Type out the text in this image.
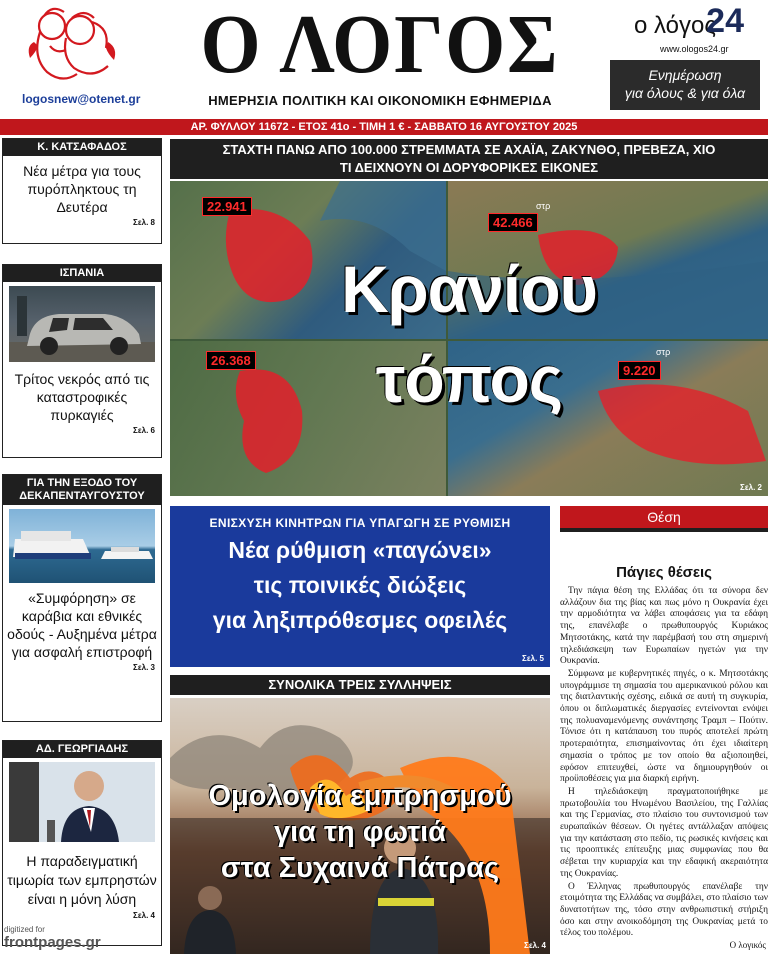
logosnew@otenet.gr
Ο ΛΟΓΟΣ
ΗΜΕΡΗΣΙΑ ΠΟΛΙΤΙΚΗ ΚΑΙ ΟΙΚΟΝΟΜΙΚΗ ΕΦΗΜΕΡΙΔΑ
ο λόγος
24
www.ologos24.gr
Ενημέρωση
για όλους & για όλα
ΑΡ. ΦΥΛΛΟΥ 11672 - ΕΤΟΣ 41ο - ΤΙΜΗ 1 € - ΣΑΒΒΑΤΟ 16 ΑΥΓΟΥΣΤΟΥ 2025
Κ. ΚΑΤΣΑΦΑΔΟΣ
Νέα μέτρα για τους πυρόπληκτους τη Δευτέρα
Σελ. 8
ΙΣΠΑΝΙΑ
Τρίτος νεκρός από τις καταστροφικές πυρκαγιές
Σελ. 6
ΓΙΑ ΤΗΝ ΕΞΟΔΟ ΤΟΥ ΔΕΚΑΠΕΝΤΑΥΓΟΥΣΤΟΥ
«Συμφόρηση» σε καράβια και εθνικές οδούς - Αυξημένα μέτρα για ασφαλή επιστροφή
Σελ. 3
ΑΔ. ΓΕΩΡΓΙΑΔΗΣ
Η παραδειγματική τιμωρία των εμπρηστών είναι η μόνη λύση
Σελ. 4
ΣΤΑΧΤΗ ΠΑΝΩ ΑΠΟ 100.000 ΣΤΡΕΜΜΑΤΑ ΣΕ ΑΧΑΪΑ, ΖΑΚΥΝΘΟ, ΠΡΕΒΕΖΑ, ΧΙΟ
ΤΙ ΔΕΙΧΝΟΥΝ ΟΙ ΔΟΡΥΦΟΡΙΚΕΣ ΕΙΚΟΝΕΣ
22.941	στρ
42.466
26.368
στρ
9.220
Κρανίου
τόπος
Σελ. 2
ΕΝΙΣΧΥΣΗ ΚΙΝΗΤΡΩΝ ΓΙΑ ΥΠΑΓΩΓΗ ΣΕ ΡΥΘΜΙΣΗ
Νέα ρύθμιση «παγώνει»
τις ποινικές διώξεις
για ληξιπρόθεσμες οφειλές
Σελ. 5
ΣΥΝΟΛΙΚΑ ΤΡΕΙΣ ΣΥΛΛΗΨΕΙΣ
Ομολογία εμπρησμού
για τη φωτιά
στα Συχαινά Πάτρας
Σελ. 4
Θέση
Πάγιες θέσεις

Την πάγια θέση της Ελλάδας ότι τα σύνορα δεν αλλάζουν δια της βίας και πως μόνο η Ουκρανία έχει την αρμοδιότητα να λάβει αποφάσεις για τα εδάφη της, επανέλαβε ο πρωθυπουργός Κυριάκος Μητσοτάκης, κατά την παρέμβασή του στη σημερινή τηλεδιάσκεψη των Ευρωπαίων ηγετών για την Ουκρανία.

Σύμφωνα με κυβερνητικές πηγές, ο κ. Μητσοτάκης υπογράμμισε τη σημασία του αμερικανικού ρόλου και της διατλαντικής σχέσης, ειδικά σε αυτή τη συγκυρία, όπου οι διπλωματικές διεργασίες εντείνονται ενόψει της πολυαναμενόμενης συνάντησης Τραμπ – Πούτιν. Τόνισε ότι η κατάπαυση του πυρός αποτελεί πρώτη προτεραιότητα, επισημαίνοντας ότι έχει ιδιαίτερη σημασία ο τρόπος με τον οποίο θα αξιοποιηθεί, εφόσον επιτευχθεί, ώστε να δημιουργηθούν οι προϋποθέσεις για μια διαρκή ειρήνη.

Η τηλεδιάσκεψη πραγματοποιήθηκε με πρωτοβουλία του Ηνωμένου Βασιλείου, της Γαλλίας και της Γερμανίας, στο πλαίσιο του συντονισμού των ευρωπαϊκών θέσεων. Οι ηγέτες αντάλλαξαν απόψεις για την κατάσταση στο πεδίο, τις ρωσικές κινήσεις και τις προοπτικές επίτευξης μιας συμφωνίας που θα σέβεται την κυριαρχία και την εδαφική ακεραιότητα της Ουκρανίας.

Ο Έλληνας πρωθυπουργός επανέλαβε την ετοιμότητα της Ελλάδας να συμβάλει, στο πλαίσιο των δυνατοτήτων της, τόσο στην ανθρωπιστική στήριξη όσο και στην ανοικοδόμηση της Ουκρανίας μετά το τέλος του πολέμου.

Ο λογικός
digitized for
frontpages.gr
